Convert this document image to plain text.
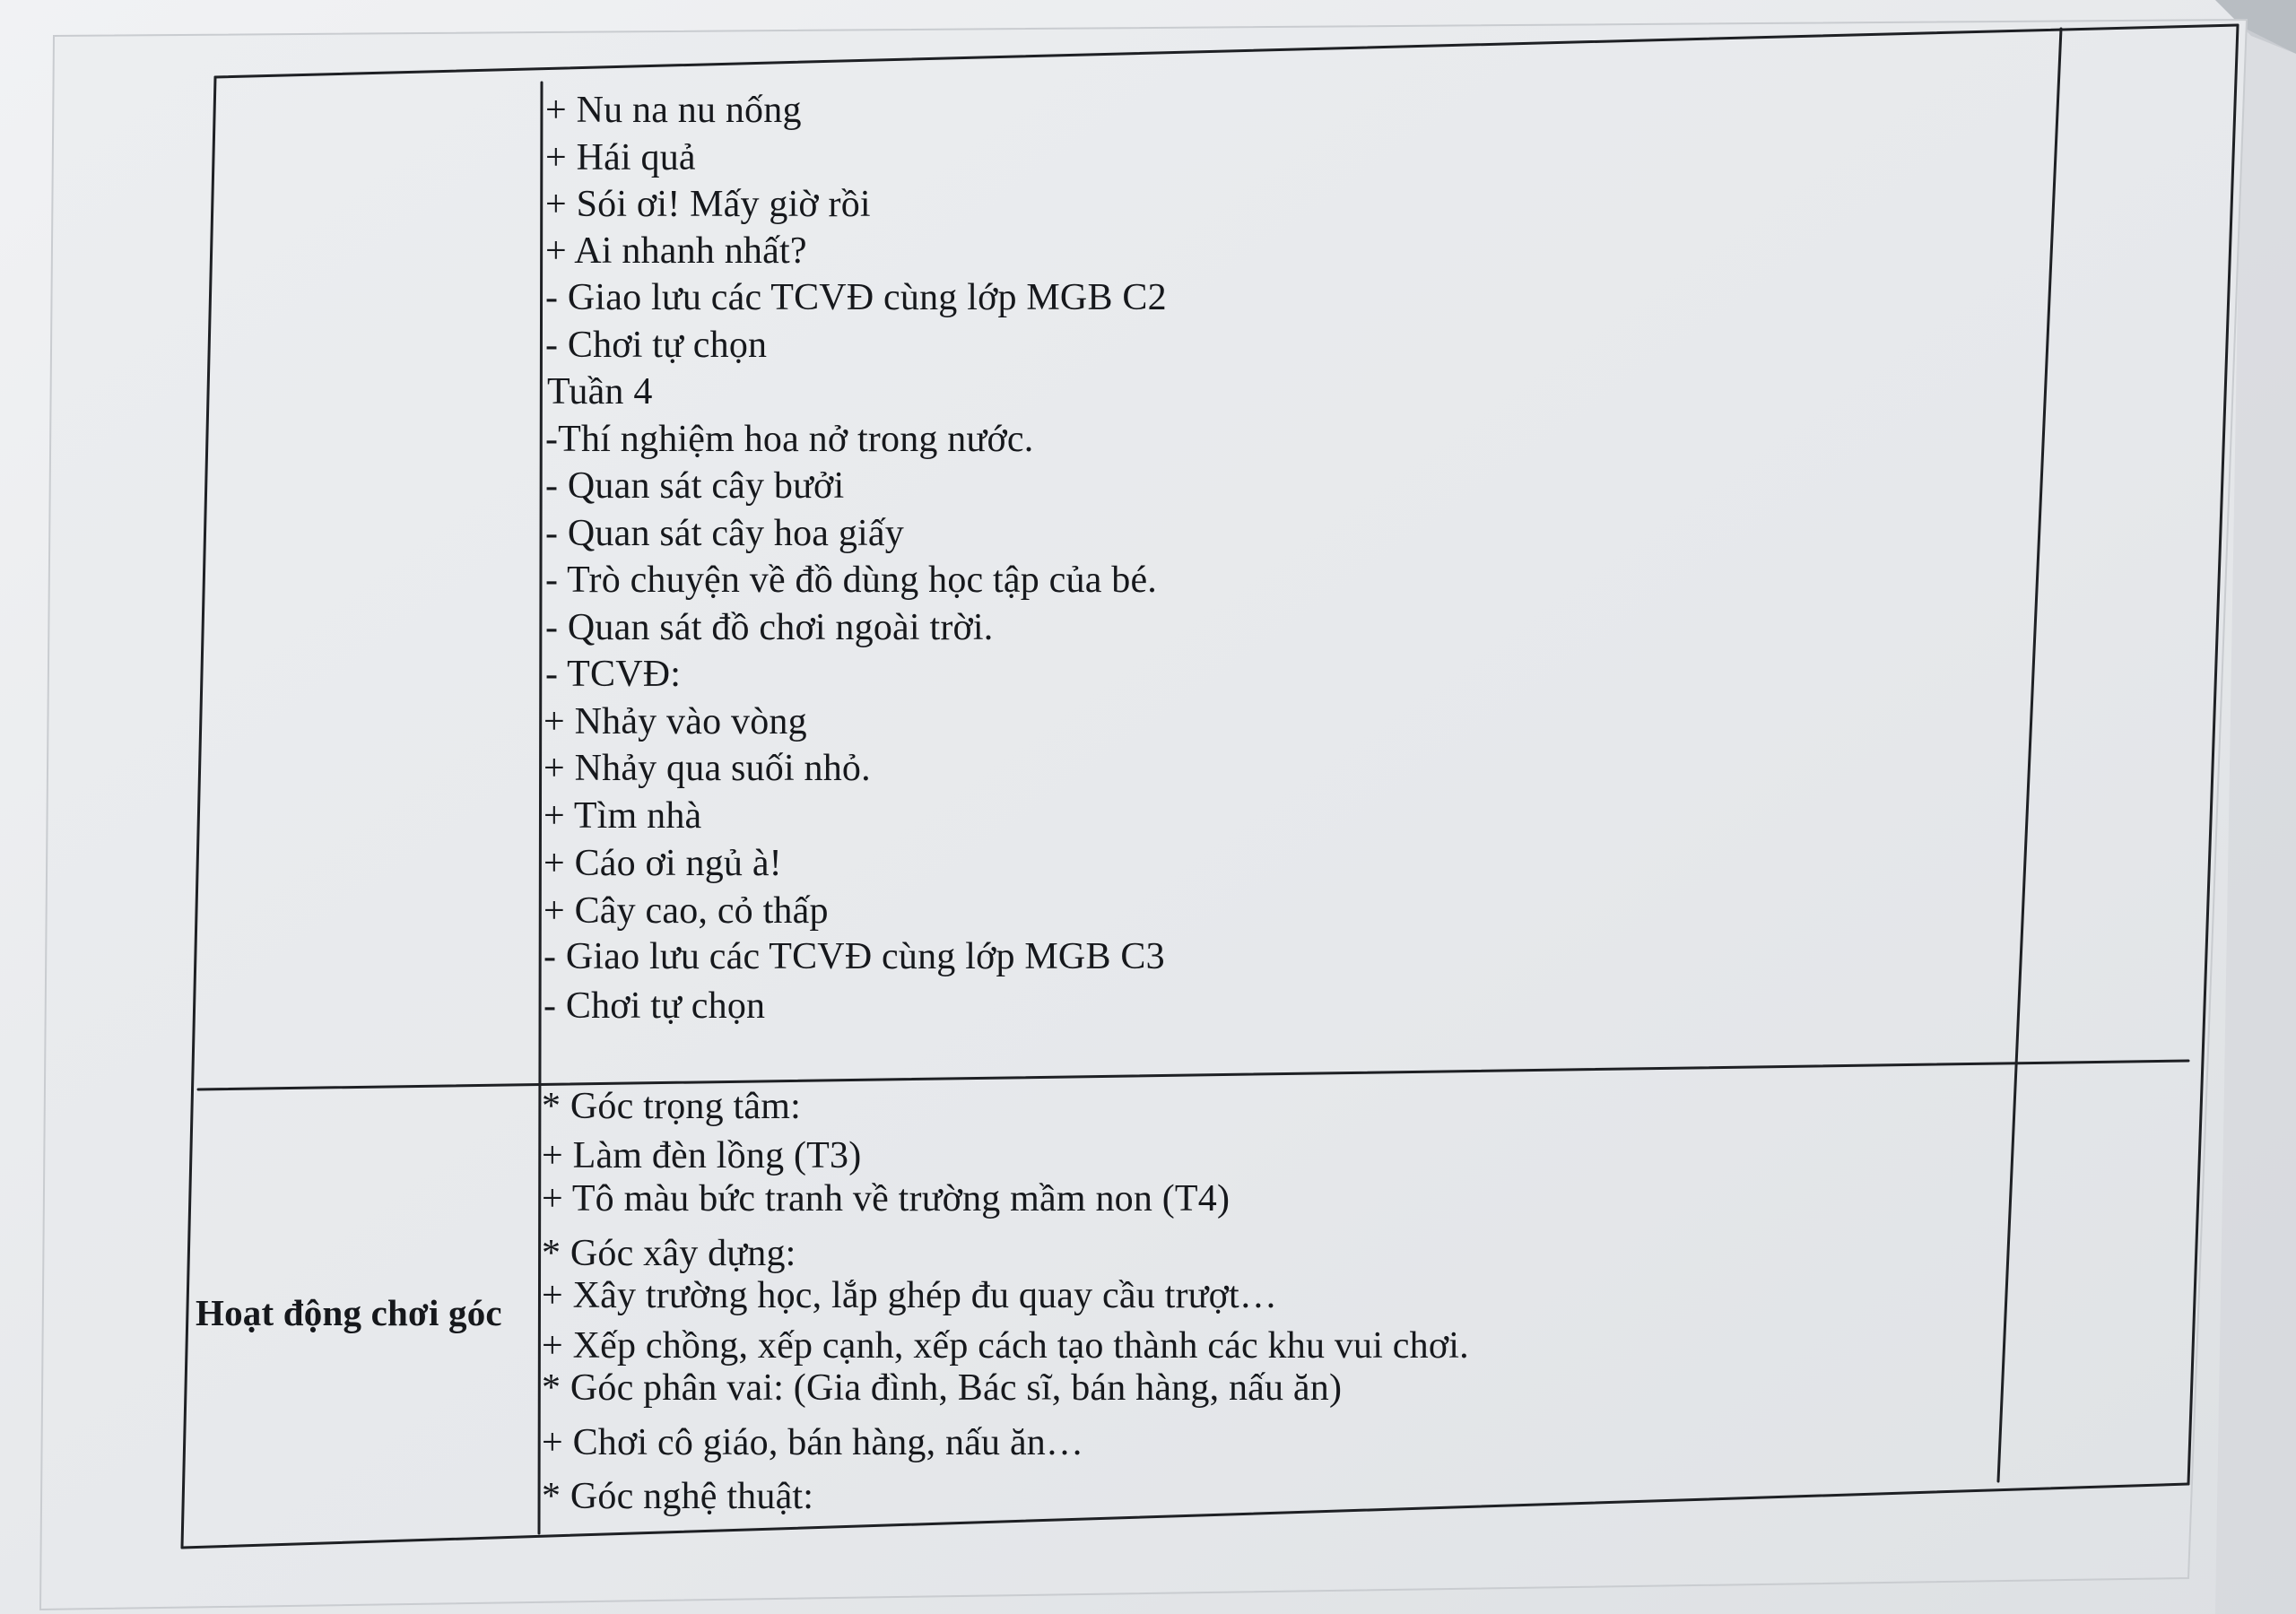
+ Nu na nu nống
+ Hái quả
+ Sói ơi! Mấy giờ rồi
+ Ai nhanh nhất?
- Giao lưu các TCVĐ cùng lớp MGB C2
- Chơi tự chọn
Tuần 4
-Thí nghiệm hoa nở trong nước.
- Quan sát cây bưởi
- Quan sát cây hoa giấy
- Trò chuyện về đồ dùng học tập của bé.
- Quan sát đồ chơi ngoài trời.
- TCVĐ:
+ Nhảy vào vòng
+ Nhảy qua suối nhỏ.
+ Tìm nhà
+ Cáo ơi ngủ à!
+ Cây cao, cỏ thấp
- Giao lưu các TCVĐ cùng lớp MGB C3
- Chơi tự chọn
Hoạt động chơi góc
* Góc trọng tâm:
+ Làm đèn lồng (T3)
+ Tô màu bức tranh về trường mầm non (T4)
* Góc xây dựng:
+ Xây trường học, lắp ghép đu quay cầu trượt…
+ Xếp chồng, xếp cạnh, xếp cách tạo thành các khu vui chơi.
* Góc phân vai: (Gia đình, Bác sĩ, bán hàng, nấu ăn)
+ Chơi cô giáo, bán hàng, nấu ăn…
* Góc nghệ thuật:
